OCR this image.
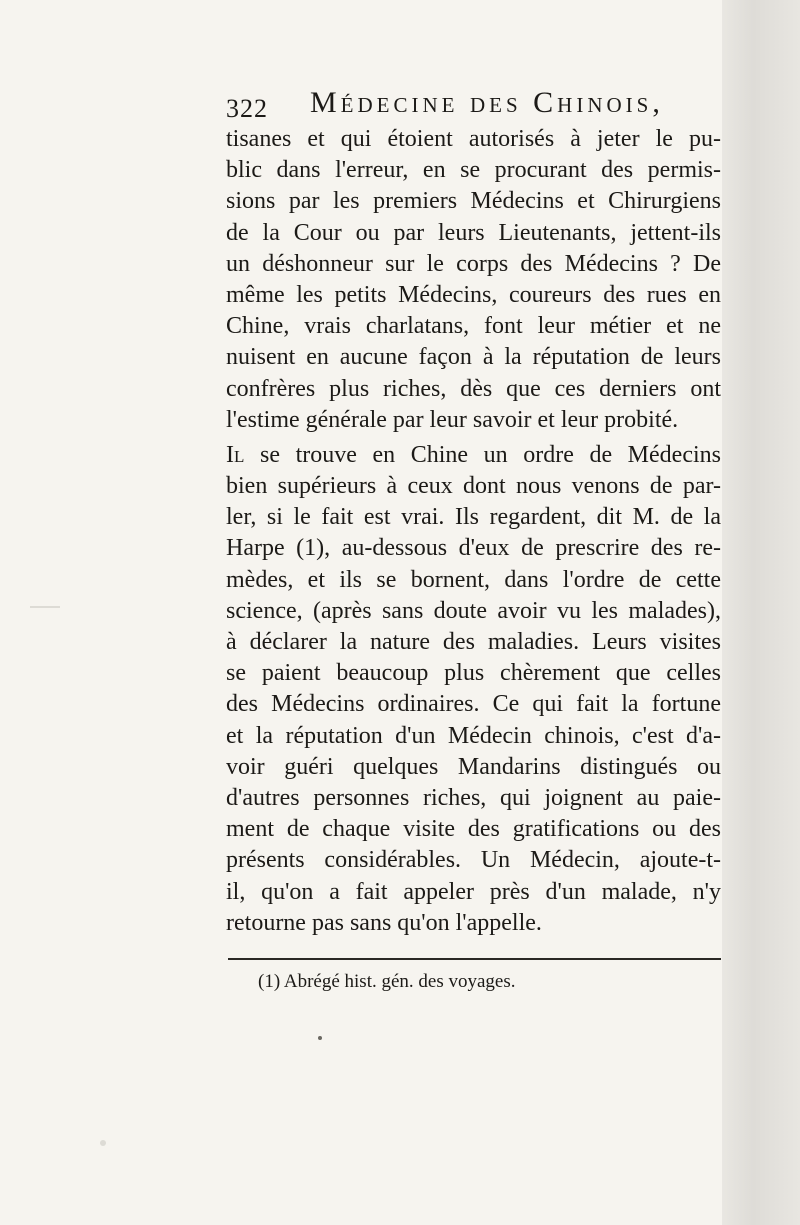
322 Médecine des Chinois,
tisanes et qui étoient autorisés à jeter le pu-
blic dans l'erreur, en se procurant des permis-
sions par les premiers Médecins et Chirurgiens
de la Cour ou par leurs Lieutenants, jettent-ils
un déshonneur sur le corps des Médecins ? De
même les petits Médecins, coureurs des rues en
Chine, vrais charlatans, font leur métier et ne
nuisent en aucune façon à la réputation de leurs
confrères plus riches, dès que ces derniers ont
l'estime générale par leur savoir et leur probité.
Il se trouve en Chine un ordre de Médecins
bien supérieurs à ceux dont nous venons de par-
ler, si le fait est vrai. Ils regardent, dit M. de la
Harpe (1), au-dessous d'eux de prescrire des re-
mèdes, et ils se bornent, dans l'ordre de cette
science, (après sans doute avoir vu les malades),
à déclarer la nature des maladies. Leurs visites
se paient beaucoup plus chèrement que celles
des Médecins ordinaires. Ce qui fait la fortune
et la réputation d'un Médecin chinois, c'est d'a-
voir guéri quelques Mandarins distingués ou
d'autres personnes riches, qui joignent au paie-
ment de chaque visite des gratifications ou des
présents considérables. Un Médecin, ajoute-t-
il, qu'on a fait appeler près d'un malade, n'y
retourne pas sans qu'on l'appelle.
(1) Abrégé hist. gén. des voyages.
